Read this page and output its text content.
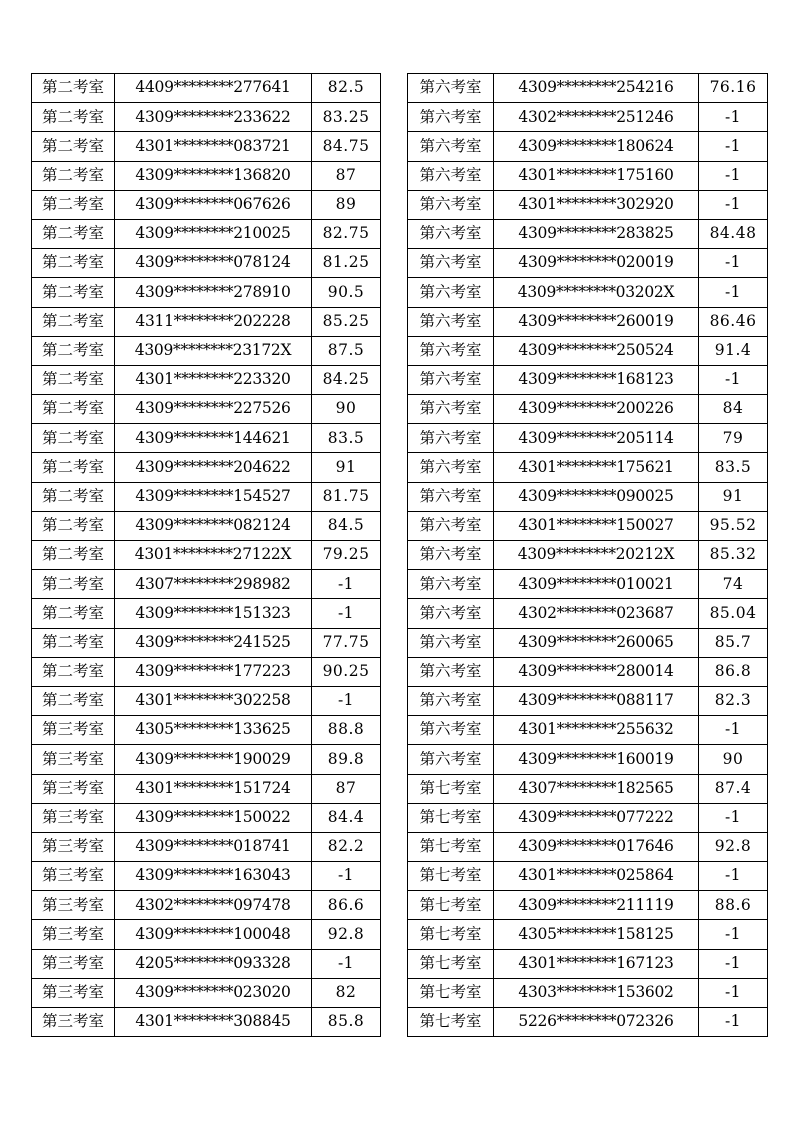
第二考室	4409********277641	82.5
第二考室	4309********233622	83.25
第二考室	4301********083721	84.75
第二考室	4309********136820	87
第二考室	4309********067626	89
第二考室	4309********210025	82.75
第二考室	4309********078124	81.25
第二考室	4309********278910	90.5
第二考室	4311********202228	85.25
第二考室	4309********23172X	87.5
第二考室	4301********223320	84.25
第二考室	4309********227526	90
第二考室	4309********144621	83.5
第二考室	4309********204622	91
第二考室	4309********154527	81.75
第二考室	4309********082124	84.5
第二考室	4301********27122X	79.25
第二考室	4307********298982	-1
第二考室	4309********151323	-1
第二考室	4309********241525	77.75
第二考室	4309********177223	90.25
第二考室	4301********302258	-1
第三考室	4305********133625	88.8
第三考室	4309********190029	89.8
第三考室	4301********151724	87
第三考室	4309********150022	84.4
第三考室	4309********018741	82.2
第三考室	4309********163043	-1
第三考室	4302********097478	86.6
第三考室	4309********100048	92.8
第三考室	4205********093328	-1
第三考室	4309********023020	82
第三考室	4301********308845	85.8
第六考室	4309********254216	76.16
第六考室	4302********251246	-1
第六考室	4309********180624	-1
第六考室	4301********175160	-1
第六考室	4301********302920	-1
第六考室	4309********283825	84.48
第六考室	4309********020019	-1
第六考室	4309********03202X	-1
第六考室	4309********260019	86.46
第六考室	4309********250524	91.4
第六考室	4309********168123	-1
第六考室	4309********200226	84
第六考室	4309********205114	79
第六考室	4301********175621	83.5
第六考室	4309********090025	91
第六考室	4301********150027	95.52
第六考室	4309********20212X	85.32
第六考室	4309********010021	74
第六考室	4302********023687	85.04
第六考室	4309********260065	85.7
第六考室	4309********280014	86.8
第六考室	4309********088117	82.3
第六考室	4301********255632	-1
第六考室	4309********160019	90
第七考室	4307********182565	87.4
第七考室	4309********077222	-1
第七考室	4309********017646	92.8
第七考室	4301********025864	-1
第七考室	4309********211119	88.6
第七考室	4305********158125	-1
第七考室	4301********167123	-1
第七考室	4303********153602	-1
第七考室	5226********072326	-1
